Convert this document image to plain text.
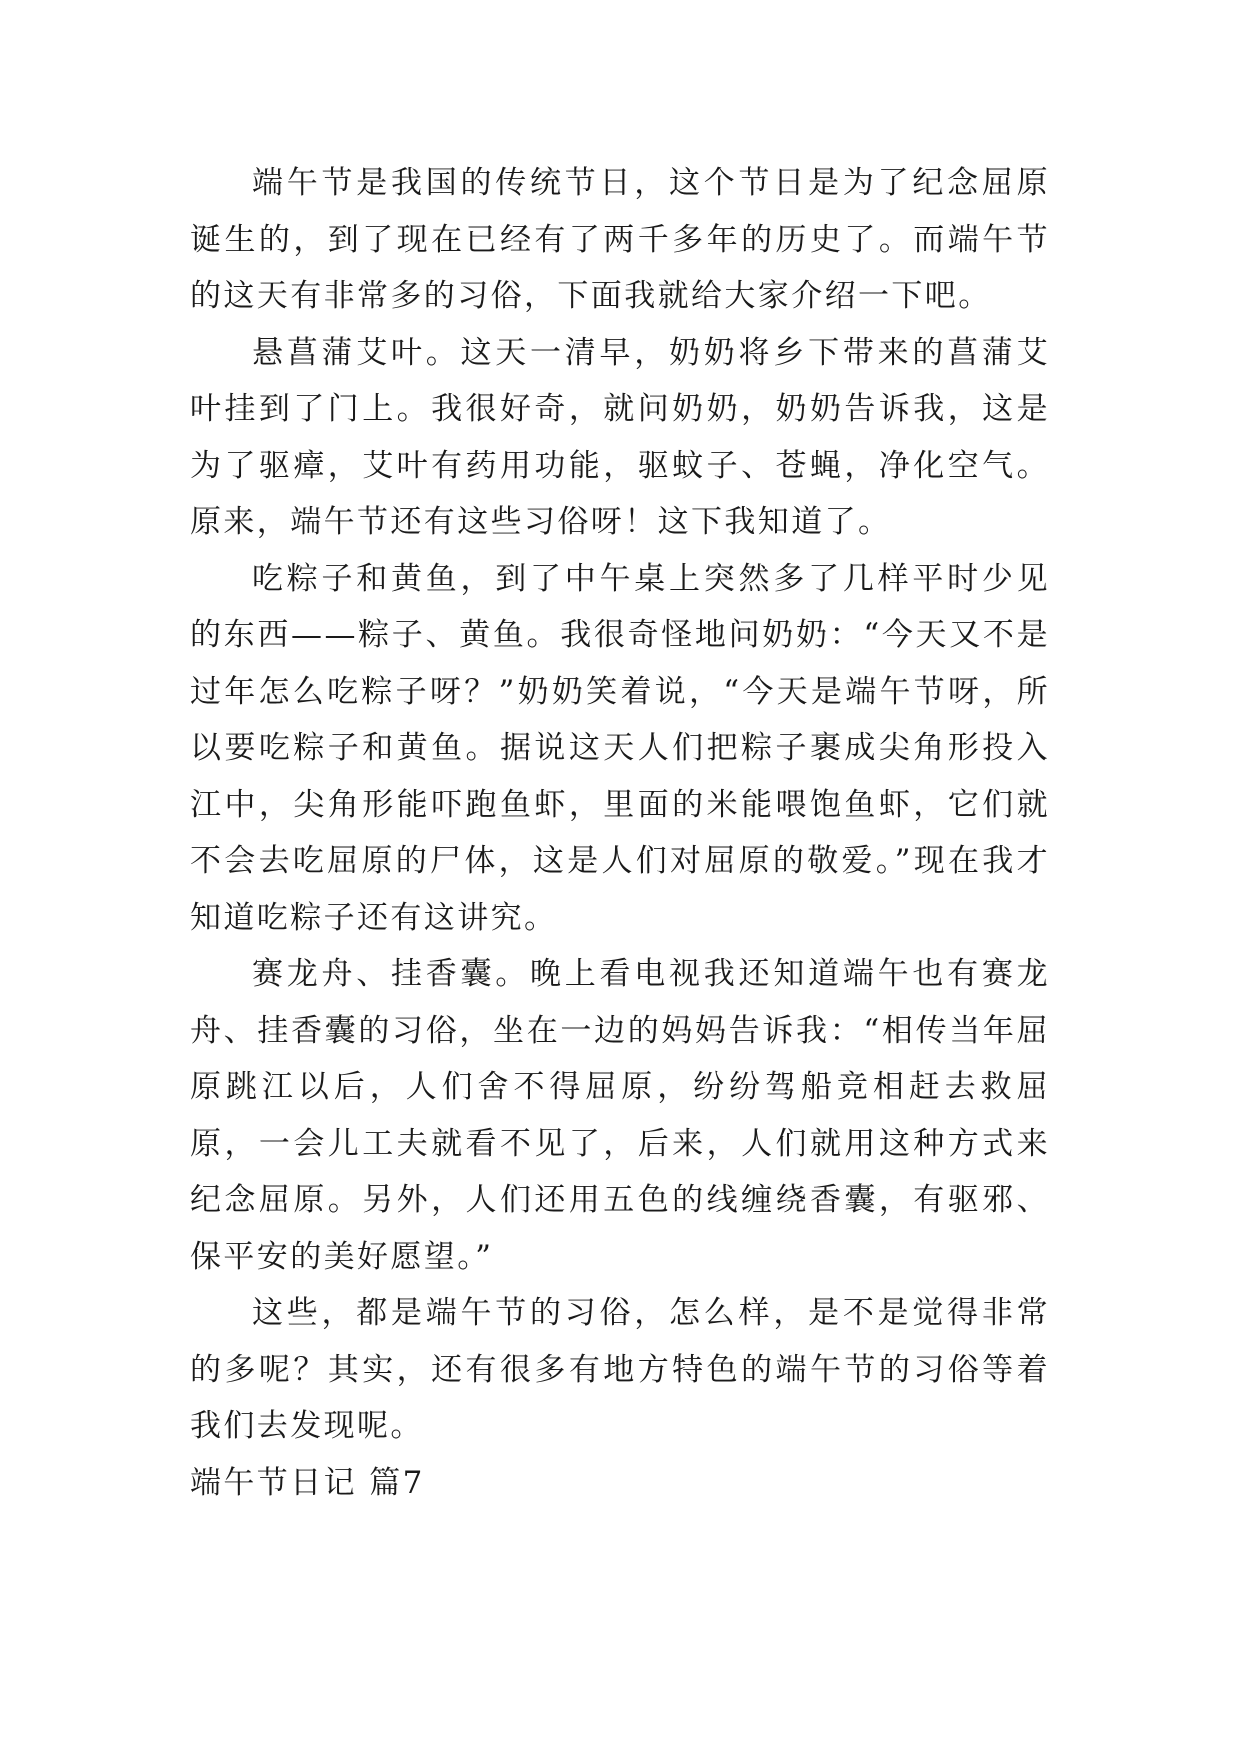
端午节是我国的传统节日，这个节日是为了纪念屈原诞生的，到了现在已经有了两千多年的历史了。而端午节的这天有非常多的习俗，下面我就给大家介绍一下吧。

悬菖蒲艾叶。这天一清早，奶奶将乡下带来的菖蒲艾叶挂到了门上。我很好奇，就问奶奶，奶奶告诉我，这是为了驱瘴，艾叶有药用功能，驱蚊子、苍蝇，净化空气。原来，端午节还有这些习俗呀！这下我知道了。

吃粽子和黄鱼，到了中午桌上突然多了几样平时少见的东西——粽子、黄鱼。我很奇怪地问奶奶：“今天又不是过年怎么吃粽子呀？”奶奶笑着说，“今天是端午节呀，所以要吃粽子和黄鱼。据说这天人们把粽子裹成尖角形投入江中，尖角形能吓跑鱼虾，里面的米能喂饱鱼虾，它们就不会去吃屈原的尸体，这是人们对屈原的敬爱。”现在我才知道吃粽子还有这讲究。

赛龙舟、挂香囊。晚上看电视我还知道端午也有赛龙舟、挂香囊的习俗，坐在一边的妈妈告诉我：“相传当年屈原跳江以后，人们舍不得屈原，纷纷驾船竞相赶去救屈原，一会儿工夫就看不见了，后来，人们就用这种方式来纪念屈原。另外，人们还用五色的线缠绕香囊，有驱邪、保平安的美好愿望。”

这些，都是端午节的习俗，怎么样，是不是觉得非常的多呢？其实，还有很多有地方特色的端午节的习俗等着我们去发现呢。

端午节日记 篇7
